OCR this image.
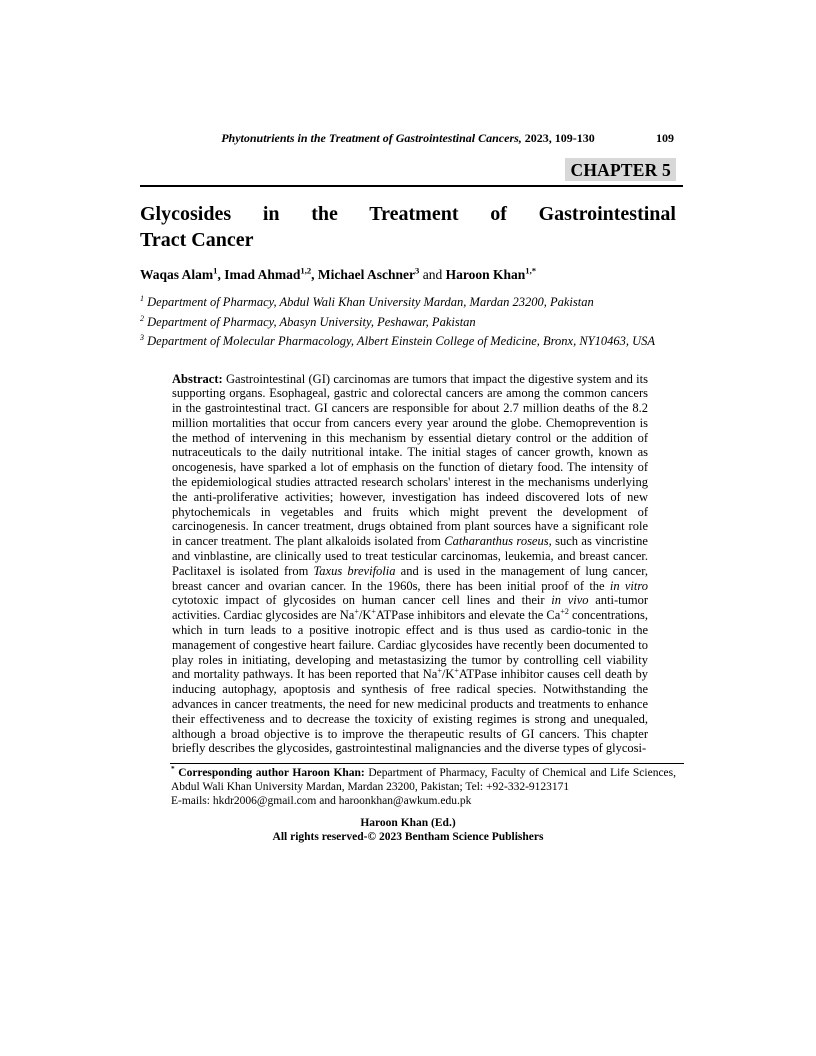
Phytonutrients in the Treatment of Gastrointestinal Cancers, 2023, 109-130	109
CHAPTER 5
Glycosides in the Treatment of Gastrointestinal
Tract Cancer
Waqas Alam$^1$, Imad Ahmad$^{1,2}$, Michael Aschner$^3$ and Haroon Khan$^{1,*}$

$^1$ Department of Pharmacy, Abdul Wali Khan University Mardan, Mardan 23200, Pakistan

$^2$ Department of Pharmacy, Abasyn University, Peshawar, Pakistan

$^3$ Department of Molecular Pharmacology, Albert Einstein College of Medicine, Bronx, NY10463, USA

Abstract: Gastrointestinal (GI) carcinomas are tumors that impact the digestive system and its supporting organs. Esophageal, gastric and colorectal cancers are among the common cancers in the gastrointestinal tract. GI cancers are responsible for about 2.7 million deaths of the 8.2 million mortalities that occur from cancers every year around the globe. Chemoprevention is the method of intervening in this mechanism by essential dietary control or the addition of nutraceuticals to the daily nutritional intake. The initial stages of cancer growth, known as oncogenesis, have sparked a lot of emphasis on the function of dietary food. The intensity of the epidemiological studies attracted research scholars' interest in the mechanisms underlying the anti-proliferative activities; however, investigation has indeed discovered lots of new phytochemicals in vegetables and fruits which might prevent the development of carcinogenesis. In cancer treatment, drugs obtained from plant sources have a significant role in cancer treatment. The plant alkaloids isolated from Catharanthus roseus, such as vincristine and vinblastine, are clinically used to treat testicular carcinomas, leukemia, and breast cancer. Paclitaxel is isolated from Taxus brevifolia and is used in the management of lung cancer, breast cancer and ovarian cancer. In the 1960s, there has been initial proof of the in vitro cytotoxic impact of glycosides on human cancer cell lines and their in vivo anti-tumor activities. Cardiac glycosides are Na+/K+ATPase inhibitors and elevate the $Ca^{+2}$ concentrations, which in turn leads to a positive inotropic effect and is thus used as cardio-tonic in the management of congestive heart failure. Cardiac glycosides have recently been documented to play roles in initiating, developing and metastasizing the tumor by controlling cell viability and mortality pathways. It has been reported that Na+/K+ATPase inhibitor causes cell death by inducing autophagy, apoptosis and synthesis of free radical species. Notwithstanding the advances in cancer treatments, the need for new medicinal products and treatments to enhance their effectiveness and to decrease the toxicity of existing regimes is strong and unequaled, although a broad objective is to improve the therapeutic results of GI cancers. This chapter briefly describes the glycosides, gastrointestinal malignancies and the diverse types of glycosi-
* Corresponding author Haroon Khan: Department of Pharmacy, Faculty of Chemical and Life Sciences, Abdul Wali Khan University Mardan, Mardan 23200, Pakistan; Tel: +92-332-9123171
E-mails: hkdr2006@gmail.com and haroonkhan@awkum.edu.pk

Haroon Khan (Ed.)

All rights reserved-© 2023 Bentham Science Publishers
